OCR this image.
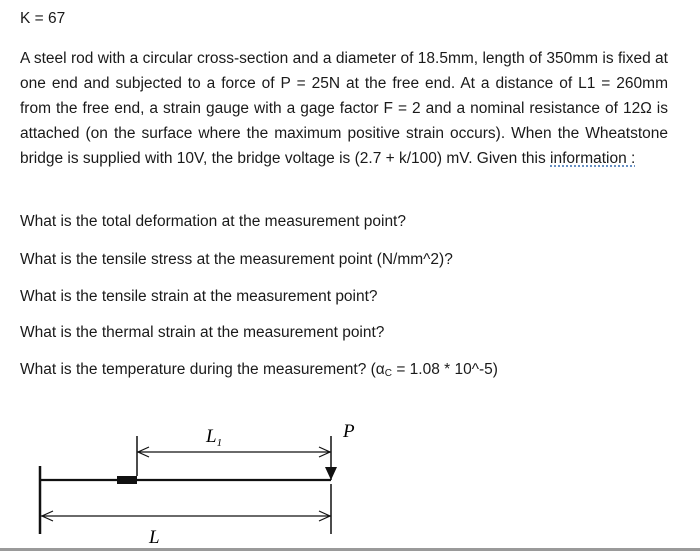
K = 67
A steel rod with a circular cross-section and a diameter of 18.5mm, length of 350mm is fixed at one end and subjected to a force of P = 25N at the free end. At a distance of L1 = 260mm from the free end, a strain gauge with a gage factor F = 2 and a nominal resistance of 12Ω is attached (on the surface where the maximum positive strain occurs). When the Wheatstone bridge is supplied with 10V, the bridge voltage is (2.7 + k/100) mV. Given this information :
What is the total deformation at the measurement point?
What is the tensile stress at the measurement point (N/mm^2)?
What is the tensile strain at the measurement point?
What is the thermal strain at the measurement point?
What is the temperature during the measurement? ($\alpha_C = 1.08$ * 10^-5)
$L_1$
P
L
